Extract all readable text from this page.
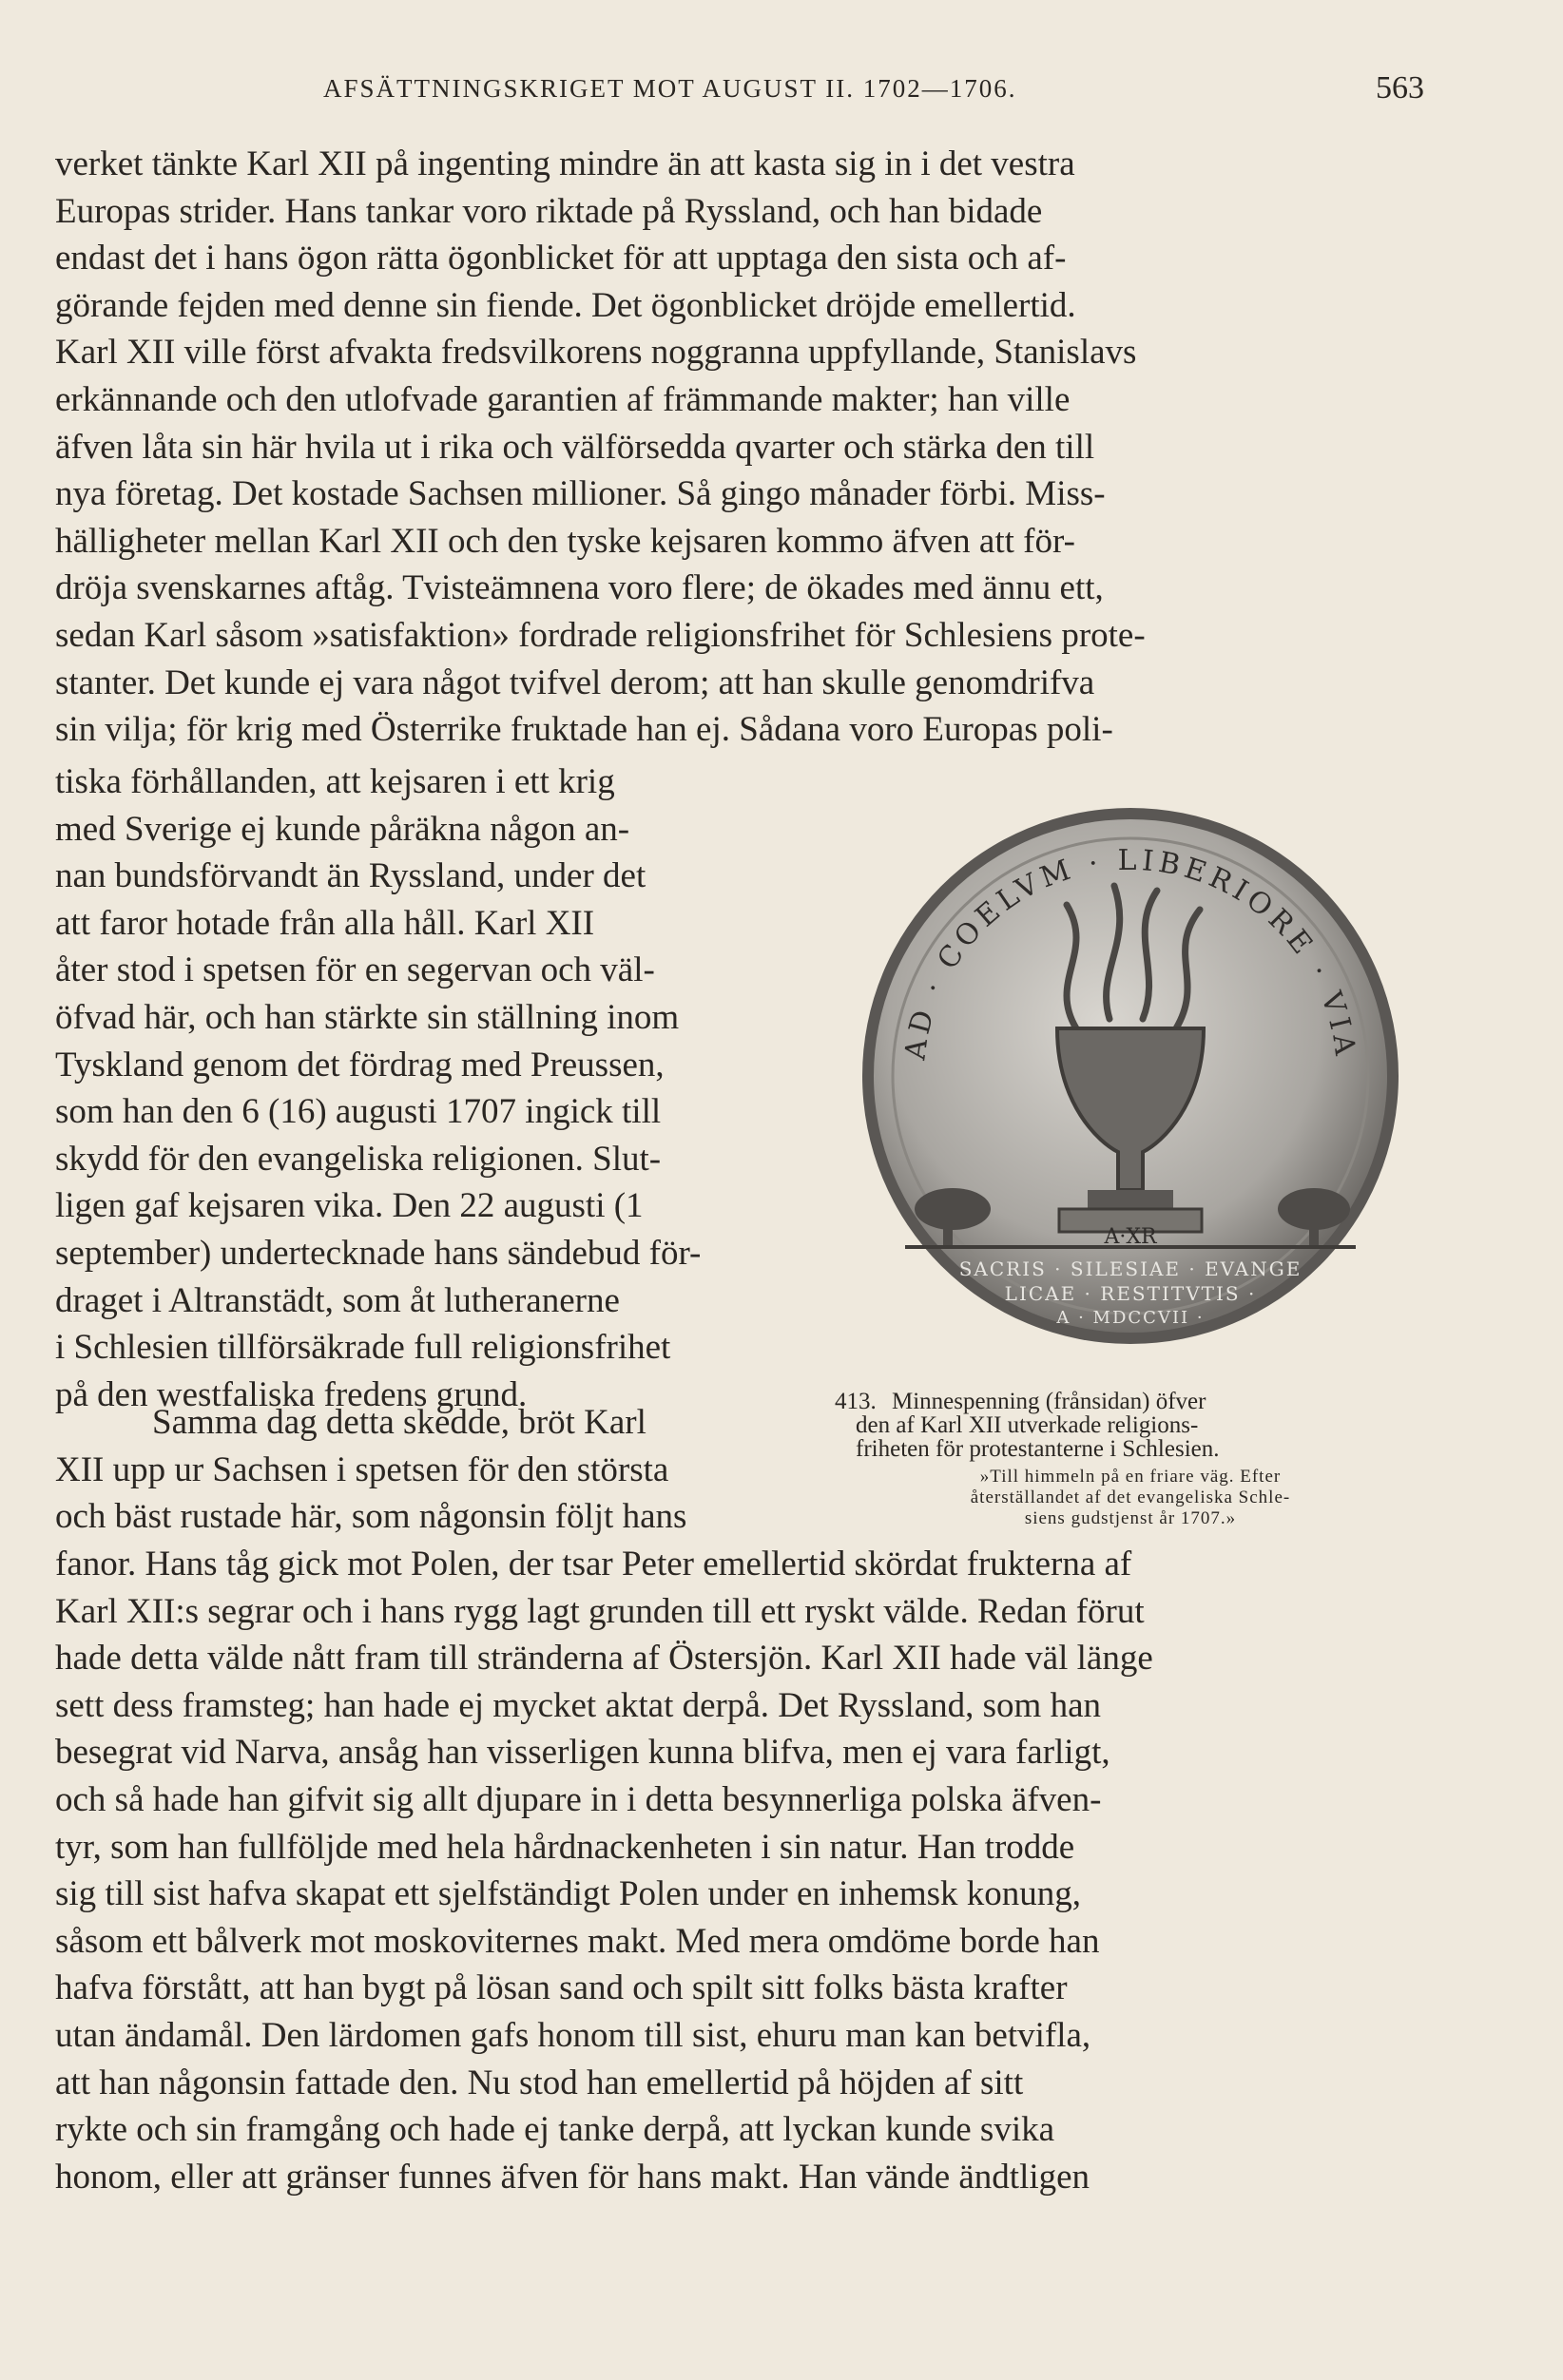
AFSÄTTNINGSKRIGET MOT AUGUST II. 1702—1706.	563

verket tänkte Karl XII på ingenting mindre än att kasta sig in i det vestra
Europas strider. Hans tankar voro riktade på Ryssland, och han bidade
endast det i hans ögon rätta ögonblicket för att upptaga den sista och af-
görande fejden med denne sin fiende. Det ögonblicket dröjde emellertid.
Karl XII ville först afvakta fredsvilkorens noggranna uppfyllande, Stanislavs
erkännande och den utlofvade garantien af främmande makter; han ville
äfven låta sin här hvila ut i rika och välförsedda qvarter och stärka den till
nya företag. Det kostade Sachsen millioner. Så gingo månader förbi. Miss-
hälligheter mellan Karl XII och den tyske kejsaren kommo äfven att för-
dröja svenskarnes aftåg. Tvisteämnena voro flere; de ökades med ännu ett,
sedan Karl såsom »satisfaktion» fordrade religionsfrihet för Schlesiens prote-
stanter. Det kunde ej vara något tvifvel derom; att han skulle genomdrifva
sin vilja; för krig med Österrike fruktade han ej. Sådana voro Europas poli-

tiska förhållanden, att kejsaren i ett krig
med Sverige ej kunde påräkna någon an-
nan bundsförvandt än Ryssland, under det
att faror hotade från alla håll. Karl XII
åter stod i spetsen för en segervan och väl-
öfvad här, och han stärkte sin ställning inom
Tyskland genom det fördrag med Preussen,
som han den 6 (16) augusti 1707 ingick till
skydd för den evangeliska religionen. Slut-
ligen gaf kejsaren vika. Den 22 augusti (1
september) undertecknade hans sändebud för-
draget i Altranstädt, som åt lutheranerne
i Schlesien tillförsäkrade full religionsfrihet
på den westfaliska fredens grund.

Samma dag detta skedde, bröt Karl
XII upp ur Sachsen i spetsen för den största
och bäst rustade här, som någonsin följt hans

fanor. Hans tåg gick mot Polen, der tsar Peter emellertid skördat frukterna af
Karl XII:s segrar och i hans rygg lagt grunden till ett ryskt välde. Redan förut
hade detta välde nått fram till stränderna af Östersjön. Karl XII hade väl länge
sett dess framsteg; han hade ej mycket aktat derpå. Det Ryssland, som han
besegrat vid Narva, ansåg han visserligen kunna blifva, men ej vara farligt,
och så hade han gifvit sig allt djupare in i detta besynnerliga polska äfven-
tyr, som han fullföljde med hela hårdnackenheten i sin natur. Han trodde
sig till sist hafva skapat ett sjelfständigt Polen under en inhemsk konung,
såsom ett bålverk mot moskoviternes makt. Med mera omdöme borde han
hafva förstått, att han bygt på lösan sand och spilt sitt folks bästa krafter
utan ändamål. Den lärdomen gafs honom till sist, ehuru man kan betvifla,
att han någonsin fattade den. Nu stod han emellertid på höjden af sitt
rykte och sin framgång och hade ej tanke derpå, att lyckan kunde svika
honom, eller att gränser funnes äfven för hans makt. Han vände ändtligen

AD · COELVM · LIBERIORE · VIA
A·XR
SACRIS · SILESIAE · EVANGE
LICAE · RESTITVTIS ·
A · MDCCVII ·
413. Minnespenning (frånsidan) öfver
den af Karl XII utverkade religions-
friheten för protestanterne i Schlesien.
»Till himmeln på en friare väg. Efter
återställandet af det evangeliska Schle-
siens gudstjenst år 1707.»
